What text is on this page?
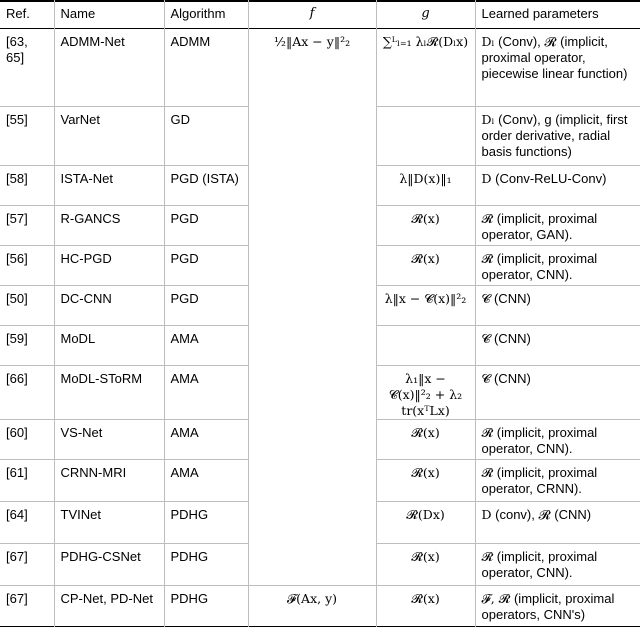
Ref.	Name	Algorithm	f	g	Learned parameters
[63, 65]	ADMM-Net	ADMM	½‖Ax − y‖²₂	∑ᴸₗ₌₁ λₗ𝓡(Dₗx)	Dₗ (Conv), 𝓡 (implicit, proximal operator, piecewise linear function)
[55]	VarNet	GD			Dₗ (Conv), g (implicit, first order derivative, radial basis functions)
[58]	ISTA-Net	PGD (ISTA)		λ‖D(x)‖₁	D (Conv-ReLU-Conv)
[57]	R-GANCS	PGD		𝓡(x)	𝓡 (implicit, proximal operator, GAN).
[56]	HC-PGD	PGD		𝓡(x)	𝓡 (implicit, proximal operator, CNN).
[50]	DC-CNN	PGD		λ‖x − 𝓒(x)‖²₂	𝓒 (CNN)
[59]	MoDL	AMA			𝓒 (CNN)
[66]	MoDL-SToRM	AMA		λ₁‖x − 𝓒(x)‖²₂ + λ₂ tr(xᵀLx)	𝓒 (CNN)
[60]	VS-Net	AMA		𝓡(x)	𝓡 (implicit, proximal operator, CNN).
[61]	CRNN-MRI	AMA		𝓡(x)	𝓡 (implicit, proximal operator, CRNN).
[64]	TVINet	PDHG		𝓡(Dx)	D (conv), 𝓡 (CNN)
[67]	PDHG-CSNet	PDHG		𝓡(x)	𝓡 (implicit, proximal operator, CNN).
[67]	CP-Net, PD-Net	PDHG	𝓕(Ax, y)	𝓡(x)	𝓕, 𝓡 (implicit, proximal operators, CNN's)
